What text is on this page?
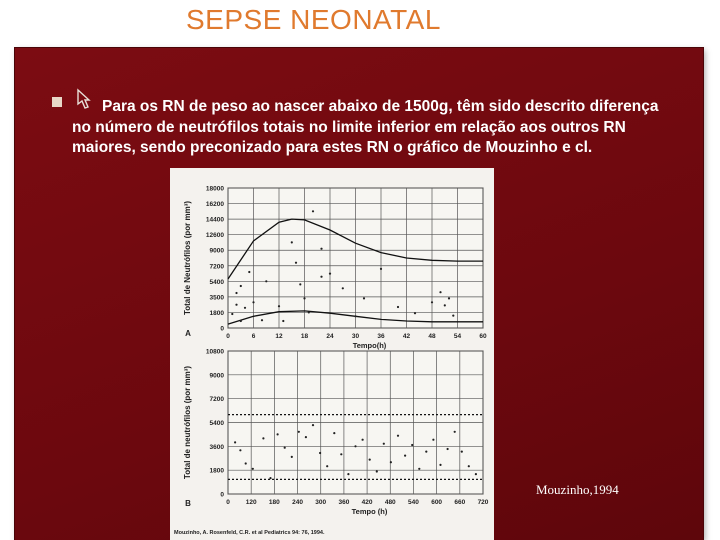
SEPSE NEONATAL
Para os RN de peso ao nascer abaixo de 1500g, têm sido descrito diferença no número de neutrófilos totais no limite inferior em relação aos outros RN maiores, sendo preconizado para estes RN o gráfico de Mouzinho e cl.
0	6	12	18	24	30	36	42	48	54	60
18000
16200
14400
12600
9000
7200
5400
3500
1800
0
Tempo(h)
Total de Neutrófilos (por mm³)
A
0 120 180 240 300 360 420 480 540 600 660 720
10800
9000
7200
5400
3600
1800
0
Tempo (h)
Total de neutrófilos (por mm³)
B
Mouzinho, A. Rosenfeld, C.R. et al Pediatrics 94: 76, 1994.
Mouzinho,1994
